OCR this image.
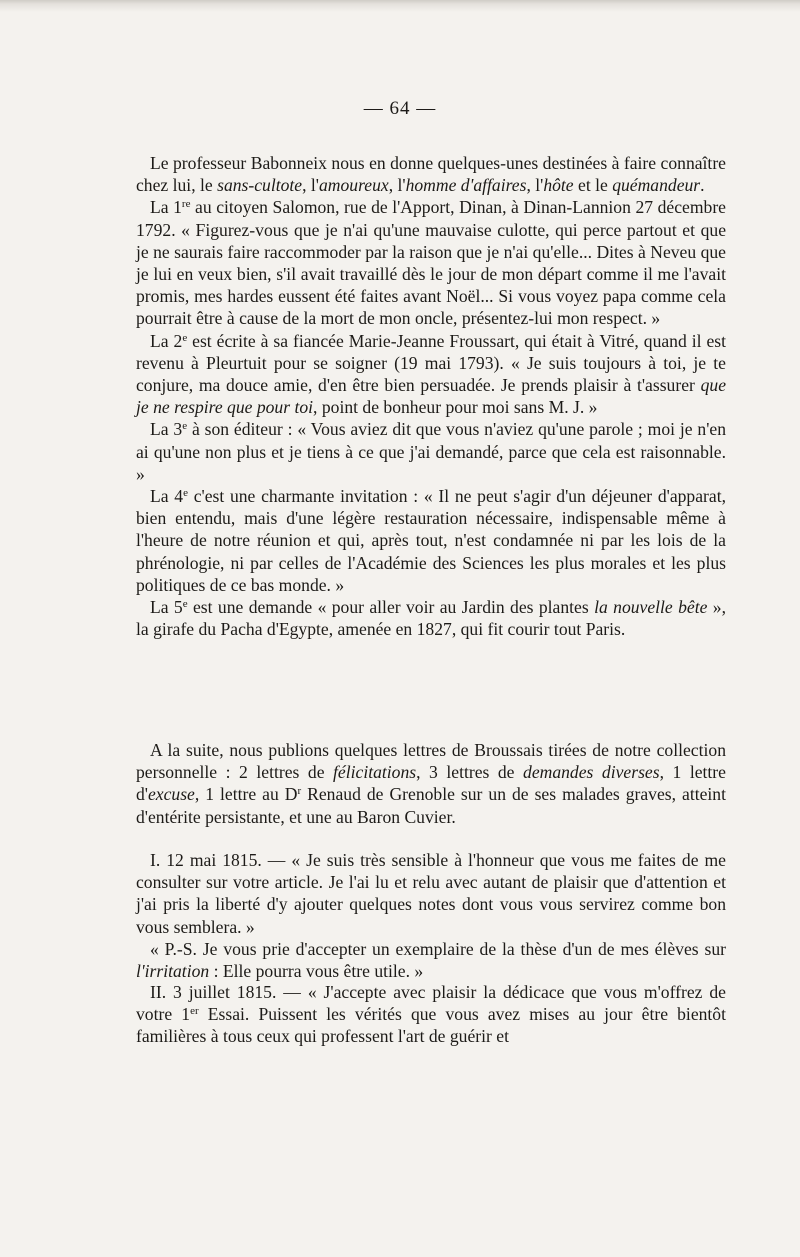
— 64 —

Le professeur Babonneix nous en donne quelques-unes destinées à faire connaître chez lui, le sans-cultote, l'amoureux, l'homme d'affaires, l'hôte et le quémandeur.

La 1re au citoyen Salomon, rue de l'Apport, Dinan, à Dinan-Lannion 27 décembre 1792. « Figurez-vous que je n'ai qu'une mauvaise culotte, qui perce partout et que je ne saurais faire raccommoder par la raison que je n'ai qu'elle... Dites à Neveu que je lui en veux bien, s'il avait travaillé dès le jour de mon départ comme il me l'avait promis, mes hardes eussent été faites avant Noël... Si vous voyez papa comme cela pourrait être à cause de la mort de mon oncle, présentez-lui mon respect. »

La 2e est écrite à sa fiancée Marie-Jeanne Froussart, qui était à Vitré, quand il est revenu à Pleurtuit pour se soigner (19 mai 1793). « Je suis toujours à toi, je te conjure, ma douce amie, d'en être bien persuadée. Je prends plaisir à t'assurer que je ne respire que pour toi, point de bonheur pour moi sans M. J. »

La 3e à son éditeur : « Vous aviez dit que vous n'aviez qu'une parole ; moi je n'en ai qu'une non plus et je tiens à ce que j'ai demandé, parce que cela est raisonnable. »

La 4e c'est une charmante invitation : « Il ne peut s'agir d'un déjeuner d'apparat, bien entendu, mais d'une légère restauration nécessaire, indispensable même à l'heure de notre réunion et qui, après tout, n'est condamnée ni par les lois de la phrénologie, ni par celles de l'Académie des Sciences les plus morales et les plus politiques de ce bas monde. »

La 5e est une demande « pour aller voir au Jardin des plantes la nouvelle bête », la girafe du Pacha d'Egypte, amenée en 1827, qui fit courir tout Paris.

A la suite, nous publions quelques lettres de Broussais tirées de notre collection personnelle : 2 lettres de félicitations, 3 lettres de demandes diverses, 1 lettre d'excuse, 1 lettre au $D^r$ Renaud de Grenoble sur un de ses malades graves, atteint d'entérite persistante, et une au Baron Cuvier.

I. 12 mai 1815. — « Je suis très sensible à l'honneur que vous me faites de me consulter sur votre article. Je l'ai lu et relu avec autant de plaisir que d'attention et j'ai pris la liberté d'y ajouter quelques notes dont vous vous servirez comme bon vous semblera. »

« P.-S. Je vous prie d'accepter un exemplaire de la thèse d'un de mes élèves sur l'irritation : Elle pourra vous être utile. »

II. 3 juillet 1815. — « J'accepte avec plaisir la dédicace que vous m'offrez de votre 1er Essai. Puissent les vérités que vous avez mises au jour être bientôt familières à tous ceux qui professent l'art de guérir et
